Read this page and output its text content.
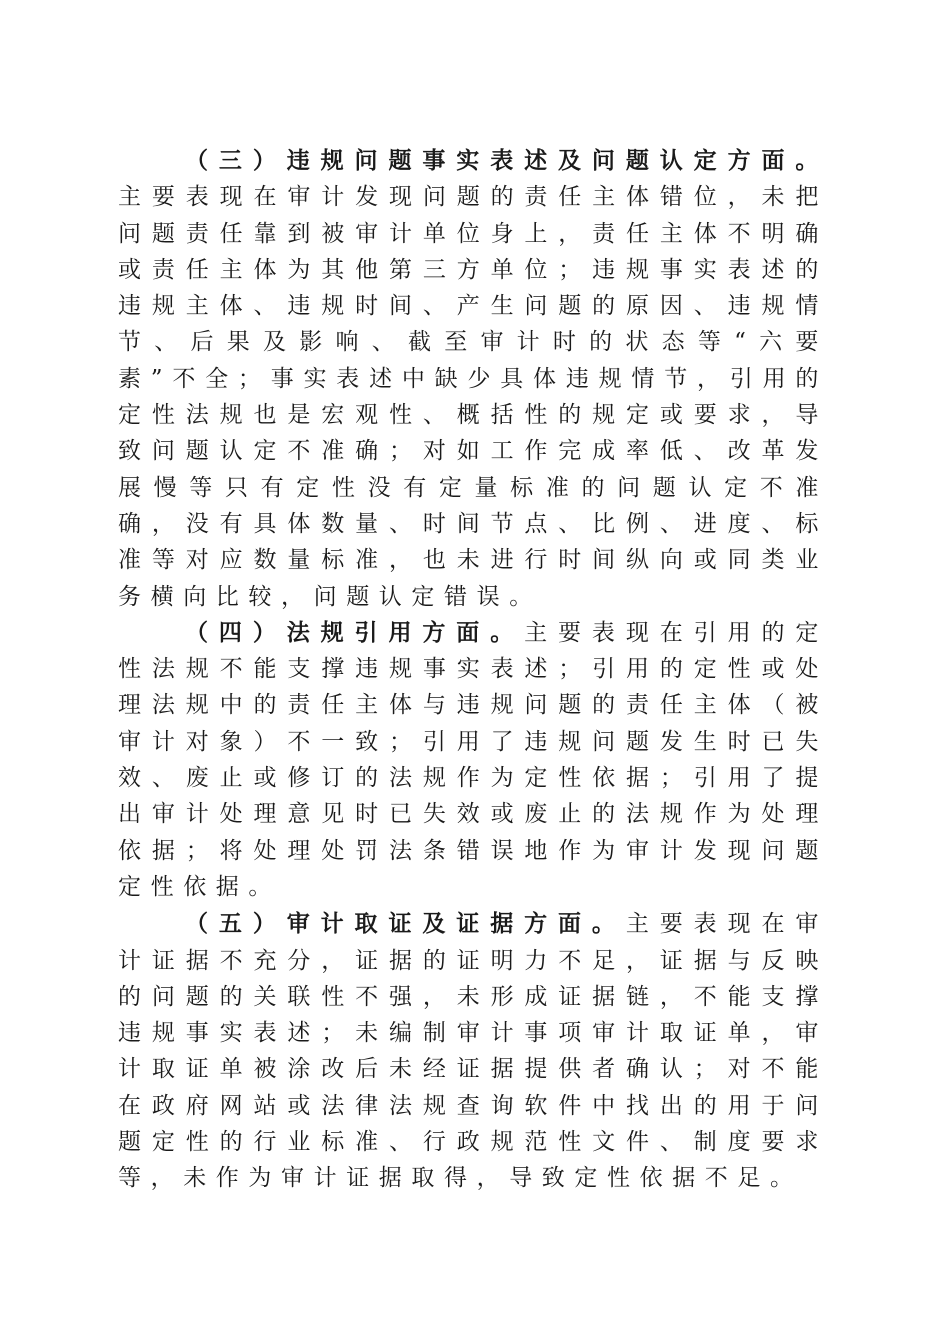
（三）违规问题事实表述及问题认定方面。主要表现在审计发现问题的责任主体错位，未把问题责任靠到被审计单位身上，责任主体不明确或责任主体为其他第三方单位；违规事实表述的违规主体、违规时间、产生问题的原因、违规情节、后果及影响、截至审计时的状态等“六要素”不全；事实表述中缺少具体违规情节，引用的定性法规也是宏观性、概括性的规定或要求，导致问题认定不准确；对如工作完成率低、改革发展慢等只有定性没有定量标准的问题认定不准确，没有具体数量、时间节点、比例、进度、标准等对应数量标准，也未进行时间纵向或同类业务横向比较，问题认定错误。

（四）法规引用方面。主要表现在引用的定性法规不能支撑违规事实表述；引用的定性或处理法规中的责任主体与违规问题的责任主体（被审计对象）不一致；引用了违规问题发生时已失效、废止或修订的法规作为定性依据；引用了提出审计处理意见时已失效或废止的法规作为处理依据；将处理处罚法条错误地作为审计发现问题定性依据。

（五）审计取证及证据方面。主要表现在审计证据不充分，证据的证明力不足，证据与反映的问题的关联性不强，未形成证据链，不能支撑违规事实表述；未编制审计事项审计取证单，审计取证单被涂改后未经证据提供者确认；对不能在政府网站或法律法规查询软件中找出的用于问题定性的行业标准、行政规范性文件、制度要求等，未作为审计证据取得，导致定性依据不足。
